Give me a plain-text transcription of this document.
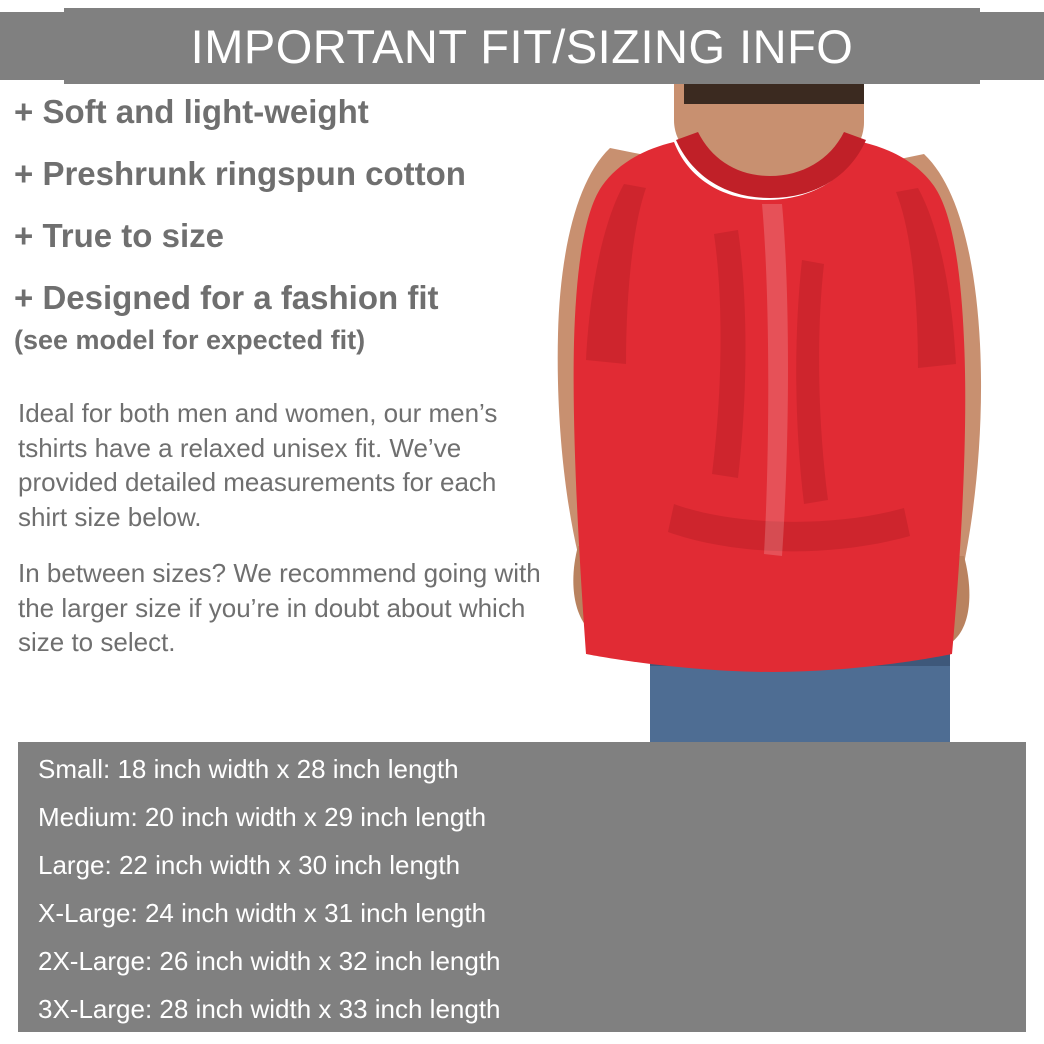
IMPORTANT FIT/SIZING INFO
+ Soft and light-weight
+ Preshrunk ringspun cotton
+ True to size
+ Designed for a fashion fit
(see model for expected fit)

Ideal for both men and women, our men’s tshirts have a relaxed unisex fit. We’ve provided detailed measurements for each shirt size below.

In between sizes? We recommend going with the larger size if you’re in doubt about which size to select.

Small: 18 inch width x 28 inch length
Medium: 20 inch width x 29 inch length
Large: 22 inch width x 30 inch length
X-Large: 24 inch width x 31 inch length
2X-Large: 26 inch width x 32 inch length
3X-Large: 28 inch width x 33 inch length
